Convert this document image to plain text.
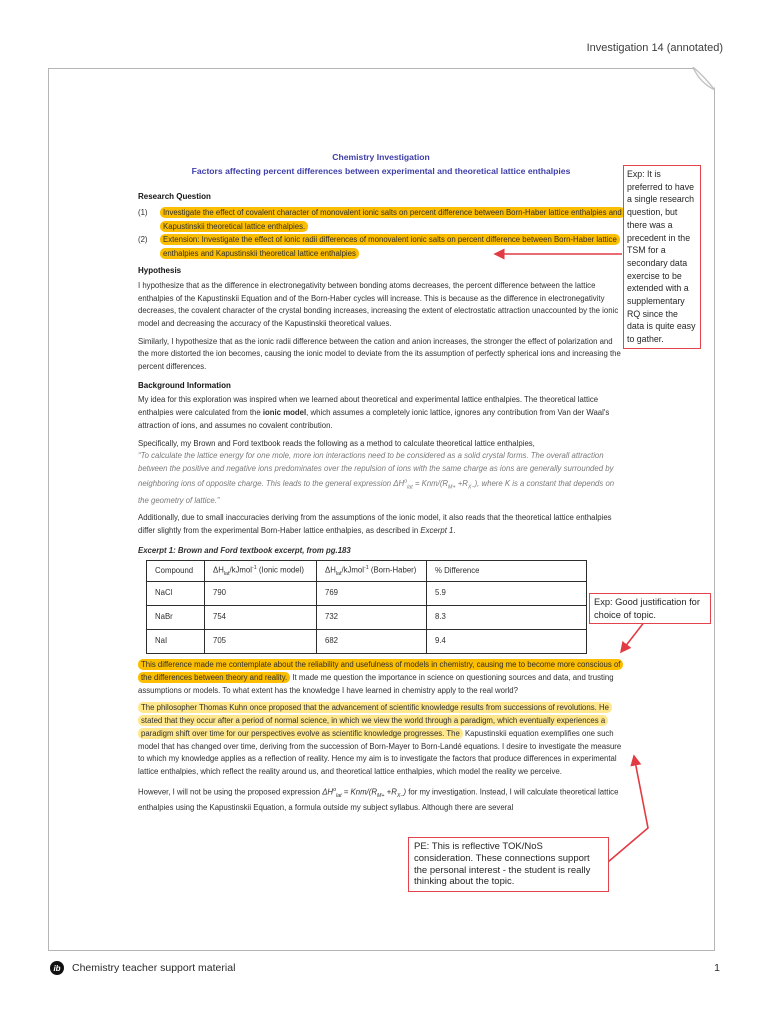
Investigation 14 (annotated)

Chemistry Investigation

Factors affecting percent differences between experimental and theoretical lattice enthalpies

Research Question

(1)	Investigate the effect of covalent character of monovalent ionic salts on percent difference between Born-Haber lattice enthalpies and Kapustinskii theoretical lattice enthalpies.
(2)	Extension: Investigate the effect of ionic radii differences of monovalent ionic salts on percent difference between Born-Haber lattice enthalpies and Kapustinskii theoretical lattice enthalpies

Hypothesis

I hypothesize that as the difference in electronegativity between bonding atoms decreases, the percent difference between the lattice enthalpies of the Kapustinskii Equation and of the Born-Haber cycles will increase. This is because as the difference in electronegativity decreases, the covalent character of the crystal bonding increases, increasing the extent of electrostatic attraction unaccounted by the ionic model and decreasing the accuracy of the Kapustinskii theoretical values.

Similarly, I hypothesize that as the ionic radii difference between the cation and anion increases, the stronger the effect of polarization and the more distorted the ion becomes, causing the ionic model to deviate from the its assumption of perfectly spherical ions and increasing the percent differences.

Background Information

My idea for this exploration was inspired when we learned about theoretical and experimental lattice enthalpies. The theoretical lattice enthalpies were calculated from the ionic model, which assumes a completely ionic lattice, ignores any contribution from Van der Waal's attraction of ions, and assumes no covalent contribution.

Specifically, my Brown and Ford textbook reads the following as a method to calculate theoretical lattice enthalpies,
“To calculate the lattice energy for one mole, more ion interactions need to be considered as a solid crystal forms. The overall attraction between the positive and negative ions predominates over the repulsion of ions with the same charge as ions are generally surrounded by neighboring ions of opposite charge. This leads to the general expression $\Delta H^o_{lat} = Knm/(R_{M+} +R_{X-})$, where K is a constant that depends on the geometry of lattice.”

Additionally, due to small inaccuracies deriving from the assumptions of the ionic model, it also reads that the theoretical lattice enthalpies differ slightly from the experimental Born-Haber lattice enthalpies, as described in Excerpt 1.

Excerpt 1: Brown and Ford textbook excerpt, from pg.183

Compound	$\Delta H_{lat}/kJmol^{-1}$ (Ionic model)	$\Delta H_{lat}/kJmol^{-1}$ (Born-Haber)	% Difference
NaCl	790	769	5.9
NaBr	754	732	8.3
NaI	705	682	9.4

This difference made me contemplate about the reliability and usefulness of models in chemistry, causing me to become more conscious of the differences between theory and reality. It made me question the importance in science on questioning sources and data, and trusting assumptions or models. To what extent has the knowledge I have learned in chemistry apply to the real world?

The philosopher Thomas Kuhn once proposed that the advancement of scientific knowledge results from successions of revolutions. He stated that they occur after a period of normal science, in which we view the world through a paradigm, which eventually experiences a paradigm shift over time for our perspectives evolve as scientific knowledge progresses. The Kapustinskii equation exemplifies one such model that has changed over time, deriving from the succession of Born-Mayer to Born-Landé equations. I desire to investigate the measure to which my knowledge applies as a reflection of reality. Hence my aim is to investigate the factors that produce differences in experimental lattice enthalpies, which reflect the reality around us, and theoretical lattice enthalpies, which model the reality we perceive.

However, I will not be using the proposed expression $\Delta H^o_{lat} = Knm/(R_{M+} +R_{X-})$ for my investigation. Instead, I will calculate theoretical lattice enthalpies using the Kapustinskii Equation, a formula outside my subject syllabus. Although there are several

Exp: It is preferred to have a single research question, but there was a precedent in the TSM for a secondary data exercise to be extended with a supplementary RQ since the data is quite easy to gather.
Exp: Good justification for choice of topic.
PE: This is reflective TOK/NoS consideration. These connections support the personal interest - the student is really thinking about the topic.
ib	Chemistry teacher support material	1
